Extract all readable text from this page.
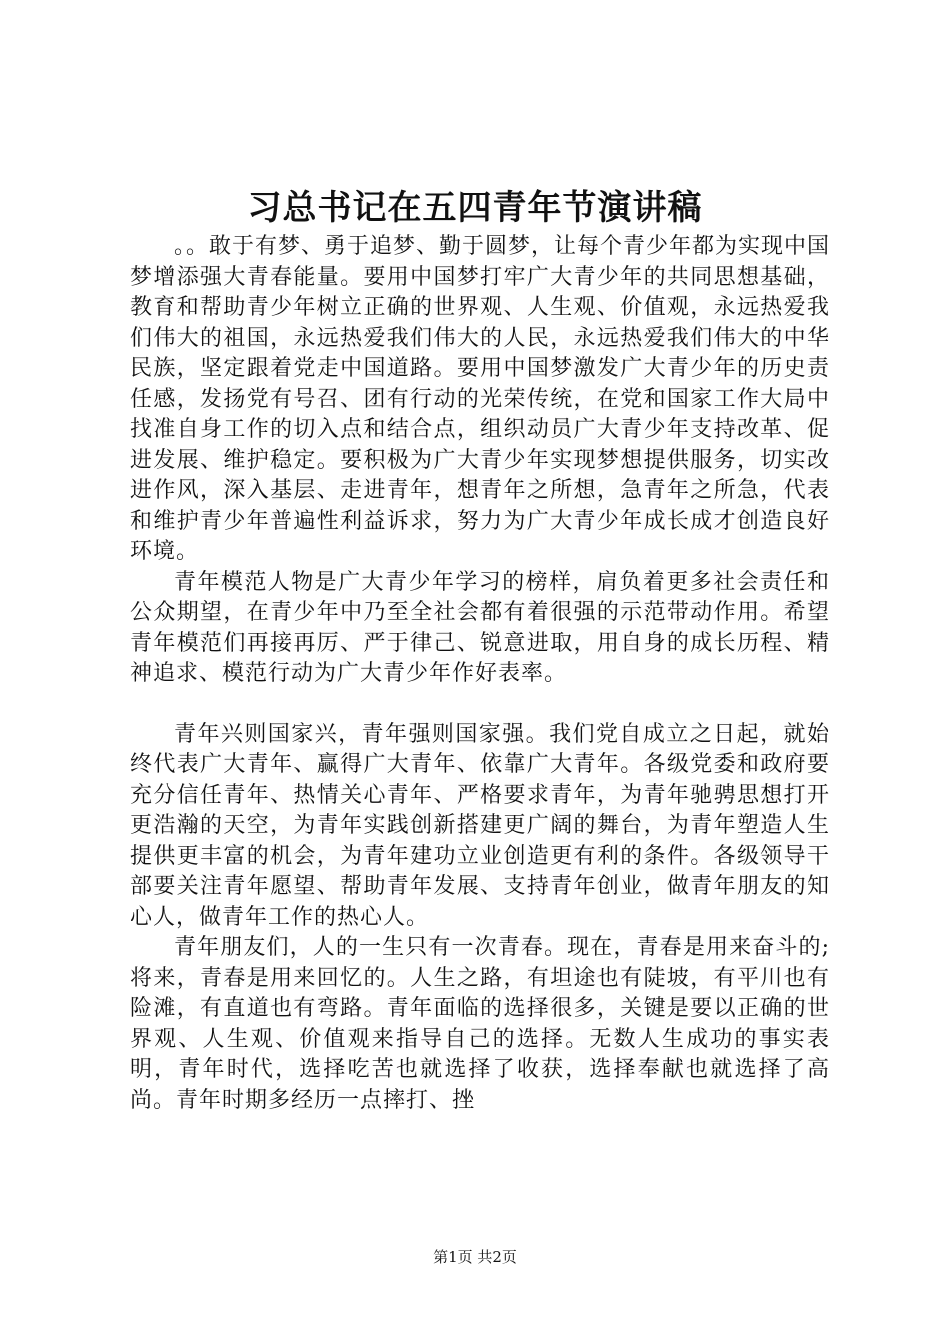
习总书记在五四青年节演讲稿

。。敢于有梦、勇于追梦、勤于圆梦，让每个青少年都为实现中国梦增添强大青春能量。要用中国梦打牢广大青少年的共同思想基础，教育和帮助青少年树立正确的世界观、人生观、价值观，永远热爱我们伟大的祖国，永远热爱我们伟大的人民，永远热爱我们伟大的中华民族，坚定跟着党走中国道路。要用中国梦激发广大青少年的历史责任感，发扬党有号召、团有行动的光荣传统，在党和国家工作大局中找准自身工作的切入点和结合点，组织动员广大青少年支持改革、促进发展、维护稳定。要积极为广大青少年实现梦想提供服务，切实改进作风，深入基层、走进青年，想青年之所想，急青年之所急，代表和维护青少年普遍性利益诉求，努力为广大青少年成长成才创造良好环境。

青年模范人物是广大青少年学习的榜样，肩负着更多社会责任和公众期望，在青少年中乃至全社会都有着很强的示范带动作用。希望青年模范们再接再厉、严于律己、锐意进取，用自身的成长历程、精神追求、模范行动为广大青少年作好表率。

青年兴则国家兴，青年强则国家强。我们党自成立之日起，就始终代表广大青年、赢得广大青年、依靠广大青年。各级党委和政府要充分信任青年、热情关心青年、严格要求青年，为青年驰骋思想打开更浩瀚的天空，为青年实践创新搭建更广阔的舞台，为青年塑造人生提供更丰富的机会，为青年建功立业创造更有利的条件。各级领导干部要关注青年愿望、帮助青年发展、支持青年创业，做青年朋友的知心人，做青年工作的热心人。

青年朋友们，人的一生只有一次青春。现在，青春是用来奋斗的;将来，青春是用来回忆的。人生之路，有坦途也有陡坡，有平川也有险滩，有直道也有弯路。青年面临的选择很多，关键是要以正确的世界观、人生观、价值观来指导自己的选择。无数人生成功的事实表明，青年时代，选择吃苦也就选择了收获，选择奉献也就选择了高尚。青年时期多经历一点摔打、挫

第1页 共2页
